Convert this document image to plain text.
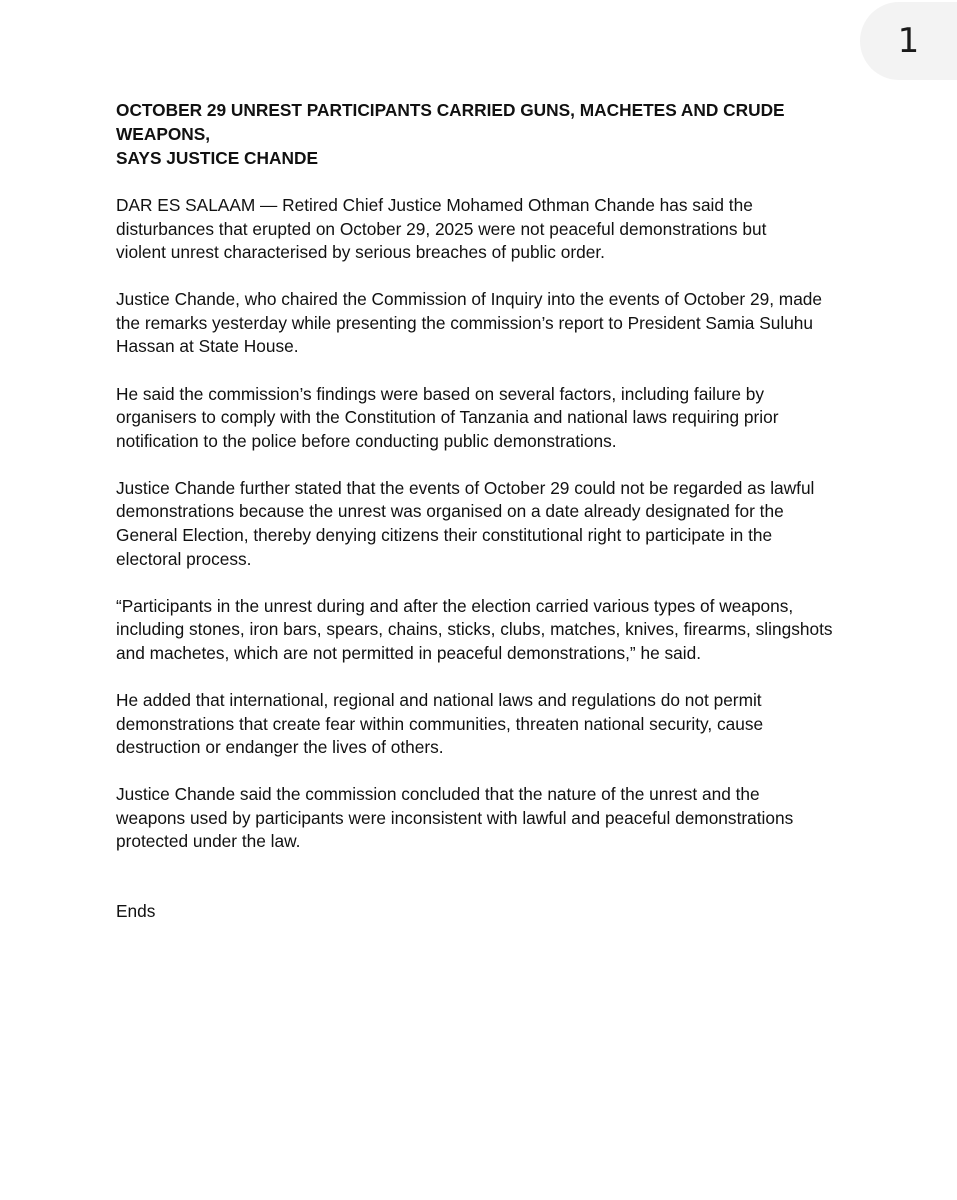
1
OCTOBER 29 UNREST PARTICIPANTS CARRIED GUNS, MACHETES AND CRUDE WEAPONS,
SAYS JUSTICE CHANDE

DAR ES SALAAM — Retired Chief Justice Mohamed Othman Chande has said the
disturbances that erupted on October 29, 2025 were not peaceful demonstrations but
violent unrest characterised by serious breaches of public order.

Justice Chande, who chaired the Commission of Inquiry into the events of October 29, made
the remarks yesterday while presenting the commission’s report to President Samia Suluhu
Hassan at State House.

He said the commission’s findings were based on several factors, including failure by
organisers to comply with the Constitution of Tanzania and national laws requiring prior
notification to the police before conducting public demonstrations.

Justice Chande further stated that the events of October 29 could not be regarded as lawful
demonstrations because the unrest was organised on a date already designated for the
General Election, thereby denying citizens their constitutional right to participate in the
electoral process.

“Participants in the unrest during and after the election carried various types of weapons,
including stones, iron bars, spears, chains, sticks, clubs, matches, knives, firearms, slingshots
and machetes, which are not permitted in peaceful demonstrations,” he said.

He added that international, regional and national laws and regulations do not permit
demonstrations that create fear within communities, threaten national security, cause
destruction or endanger the lives of others.

Justice Chande said the commission concluded that the nature of the unrest and the
weapons used by participants were inconsistent with lawful and peaceful demonstrations
protected under the law.

Ends
